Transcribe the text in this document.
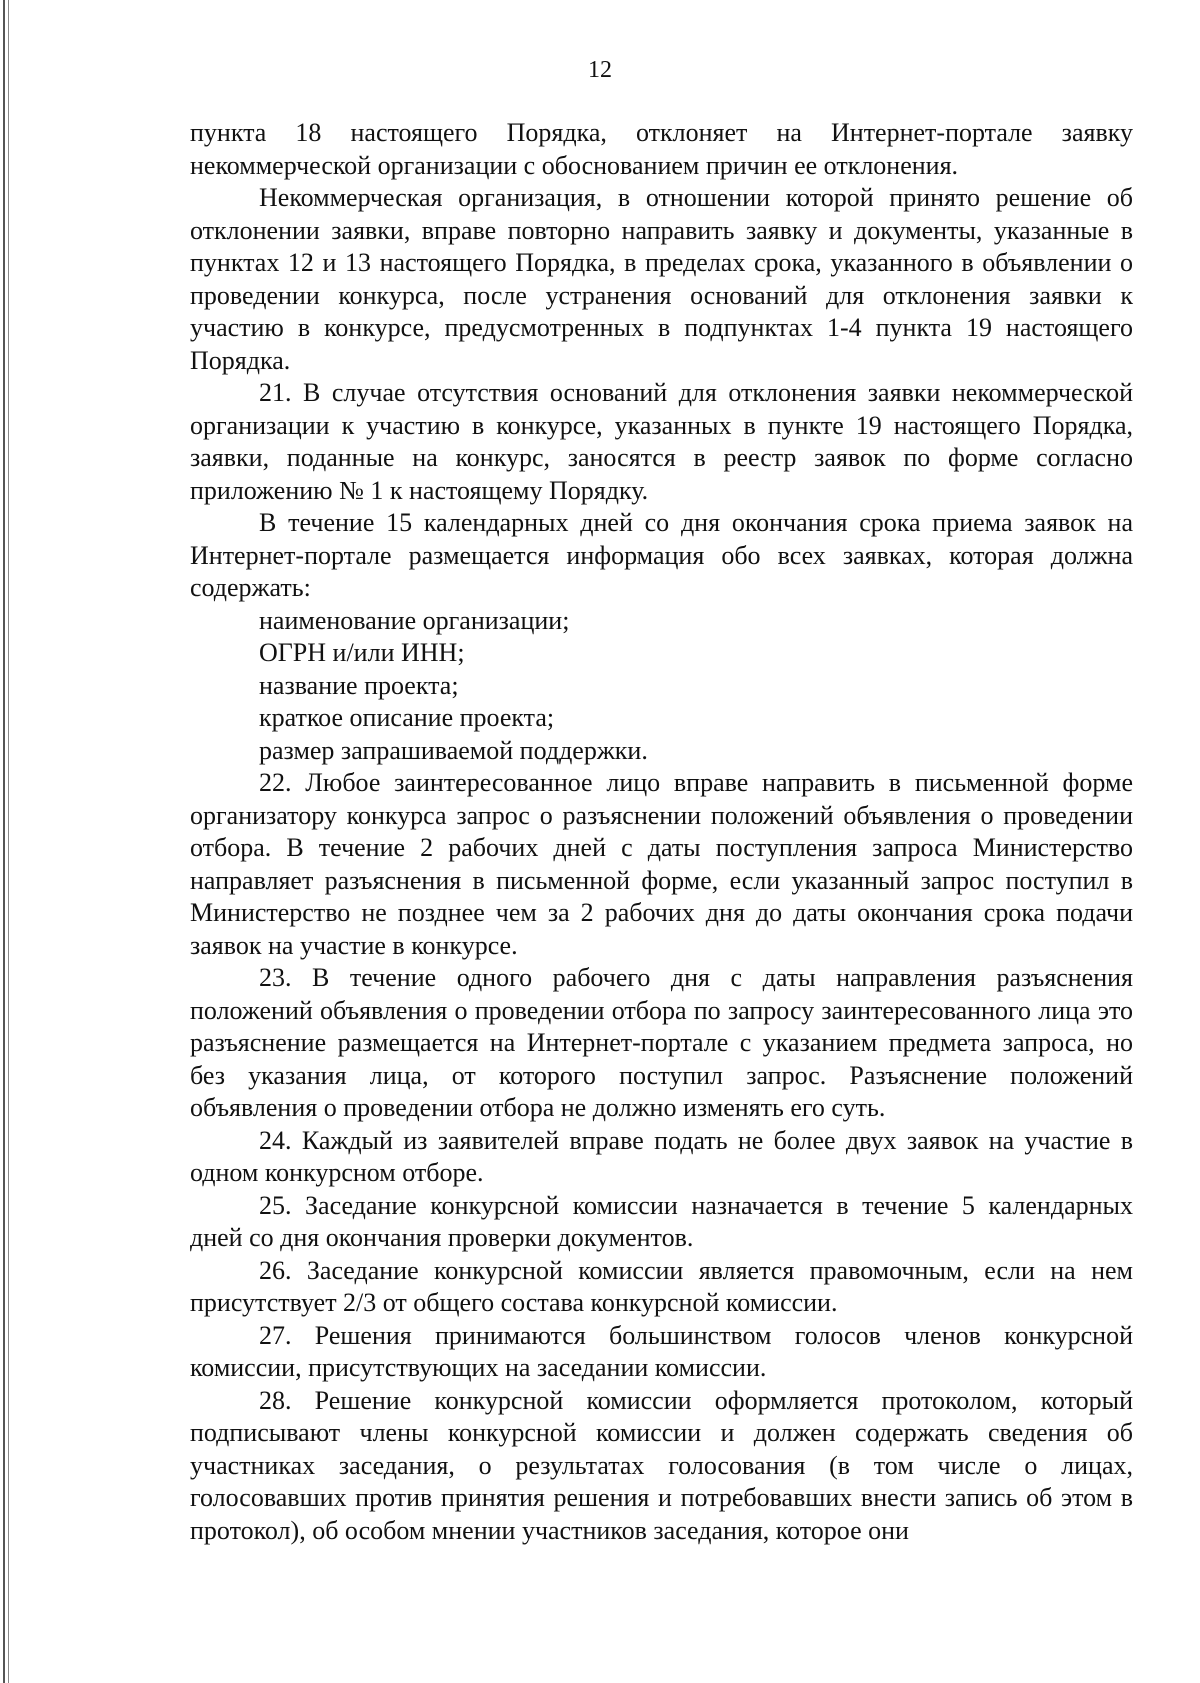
12

пункта 18 настоящего Порядка, отклоняет на Интернет-портале заявку некоммерческой организации с обоснованием причин ее отклонения.

Некоммерческая организация, в отношении которой принято решение об отклонении заявки, вправе повторно направить заявку и документы, указанные в пунктах 12 и 13 настоящего Порядка, в пределах срока, указанного в объявлении о проведении конкурса, после устранения оснований для отклонения заявки к участию в конкурсе, предусмотренных в подпунктах 1-4 пункта 19 настоящего Порядка.

21. В случае отсутствия оснований для отклонения заявки некоммерческой организации к участию в конкурсе, указанных в пункте 19 настоящего Порядка, заявки, поданные на конкурс, заносятся в реестр заявок по форме согласно приложению № 1 к настоящему Порядку.

В течение 15 календарных дней со дня окончания срока приема заявок на Интернет-портале размещается информация обо всех заявках, которая должна содержать:

наименование организации;

ОГРН и/или ИНН;

название проекта;

краткое описание проекта;

размер запрашиваемой поддержки.

22. Любое заинтересованное лицо вправе направить в письменной форме организатору конкурса запрос о разъяснении положений объявления о проведении отбора. В течение 2 рабочих дней с даты поступления запроса Министерство направляет разъяснения в письменной форме, если указанный запрос поступил в Министерство не позднее чем за 2 рабочих дня до даты окончания срока подачи заявок на участие в конкурсе.

23. В течение одного рабочего дня с даты направления разъяснения положений объявления о проведении отбора по запросу заинтересованного лица это разъяснение размещается на Интернет-портале с указанием предмета запроса, но без указания лица, от которого поступил запрос. Разъяснение положений объявления о проведении отбора не должно изменять его суть.

24. Каждый из заявителей вправе подать не более двух заявок на участие в одном конкурсном отборе.

25. Заседание конкурсной комиссии назначается в течение 5 календарных дней со дня окончания проверки документов.

26. Заседание конкурсной комиссии является правомочным, если на нем присутствует 2/3 от общего состава конкурсной комиссии.

27. Решения принимаются большинством голосов членов конкурсной комиссии, присутствующих на заседании комиссии.

28. Решение конкурсной комиссии оформляется протоколом, который подписывают члены конкурсной комиссии и должен содержать сведения об участниках заседания, о результатах голосования (в том числе о лицах, голосовавших против принятия решения и потребовавших внести запись об этом в протокол), об особом мнении участников заседания, которое они
